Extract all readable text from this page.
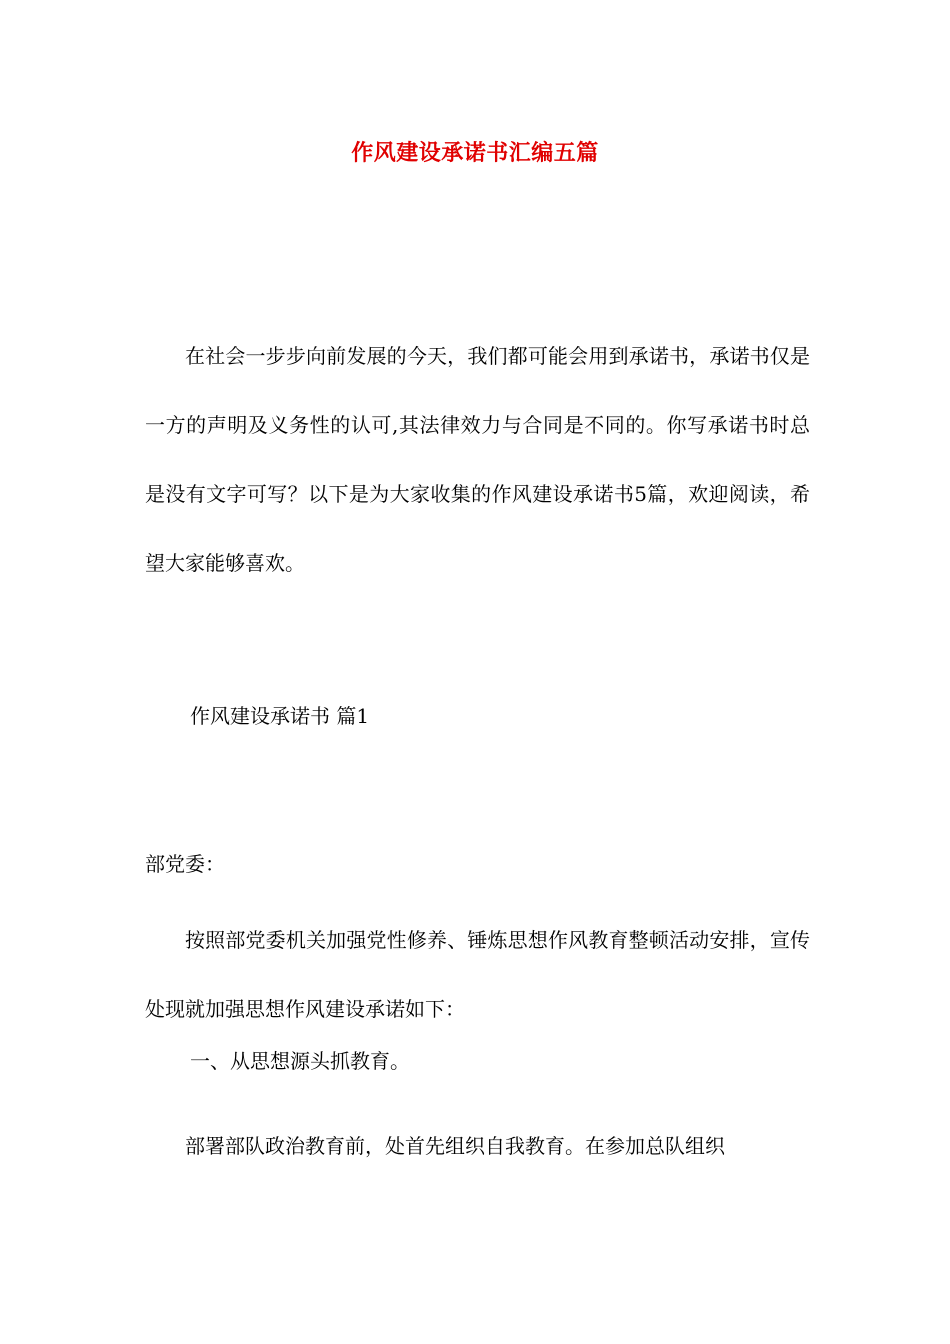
作风建设承诺书汇编五篇
在社会一步步向前发展的今天，我们都可能会用到承诺书，承诺书仅是一方的声明及义务性的认可,其法律效力与合同是不同的。你写承诺书时总是没有文字可写？以下是为大家收集的作风建设承诺书5篇，欢迎阅读，希望大家能够喜欢。
作风建设承诺书 篇1
部党委：
按照部党委机关加强党性修养、锤炼思想作风教育整顿活动安排，宣传处现就加强思想作风建设承诺如下：
一、从思想源头抓教育。
部署部队政治教育前，处首先组织自我教育。在参加总队组织
